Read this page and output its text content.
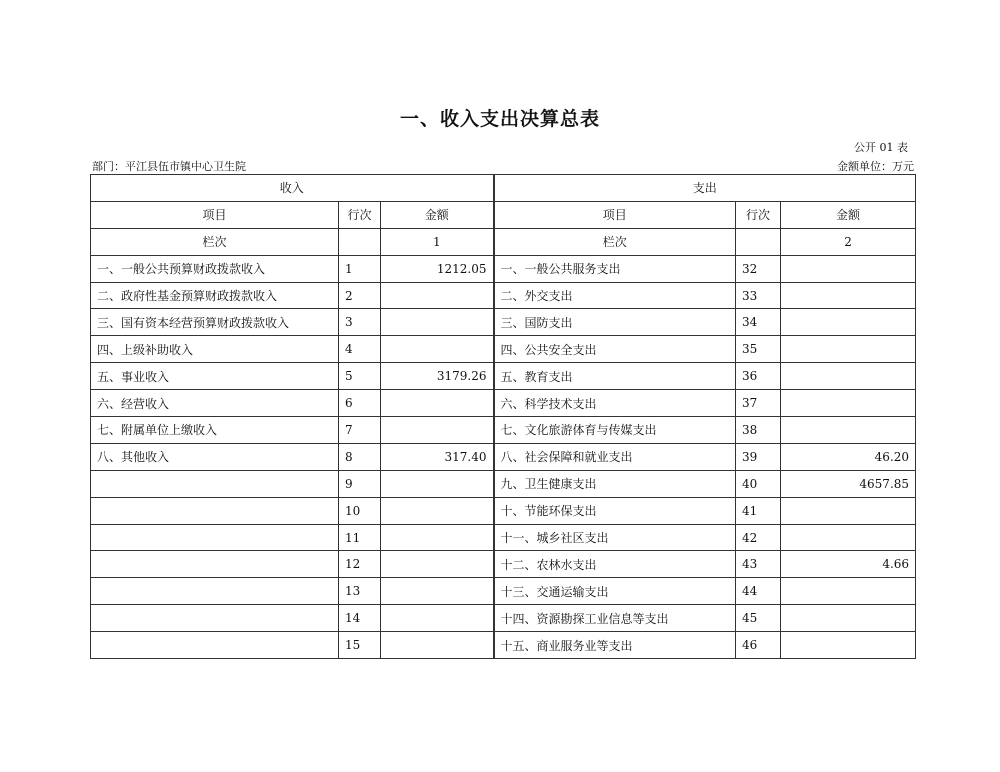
一、收入支出决算总表
公开 01 表
部门：平江县伍市镇中心卫生院	金额单位：万元
收入			支出		
项目	行次	金额	项目	行次	金额
栏次		1	栏次		2
一、一般公共预算财政拨款收入	1	1212.05	一、一般公共服务支出	32	
二、政府性基金预算财政拨款收入	2		二、外交支出	33	
三、国有资本经营预算财政拨款收入	3		三、国防支出	34	
四、上级补助收入	4		四、公共安全支出	35	
五、事业收入	5	3179.26	五、教育支出	36	
六、经营收入	6		六、科学技术支出	37	
七、附属单位上缴收入	7		七、文化旅游体育与传媒支出	38	
八、其他收入	8	317.40	八、社会保障和就业支出	39	46.20
	9		九、卫生健康支出	40	4657.85
	10		十、节能环保支出	41	
	11		十一、城乡社区支出	42	
	12		十二、农林水支出	43	4.66
	13		十三、交通运输支出	44	
	14		十四、资源勘探工业信息等支出	45	
	15		十五、商业服务业等支出	46	
